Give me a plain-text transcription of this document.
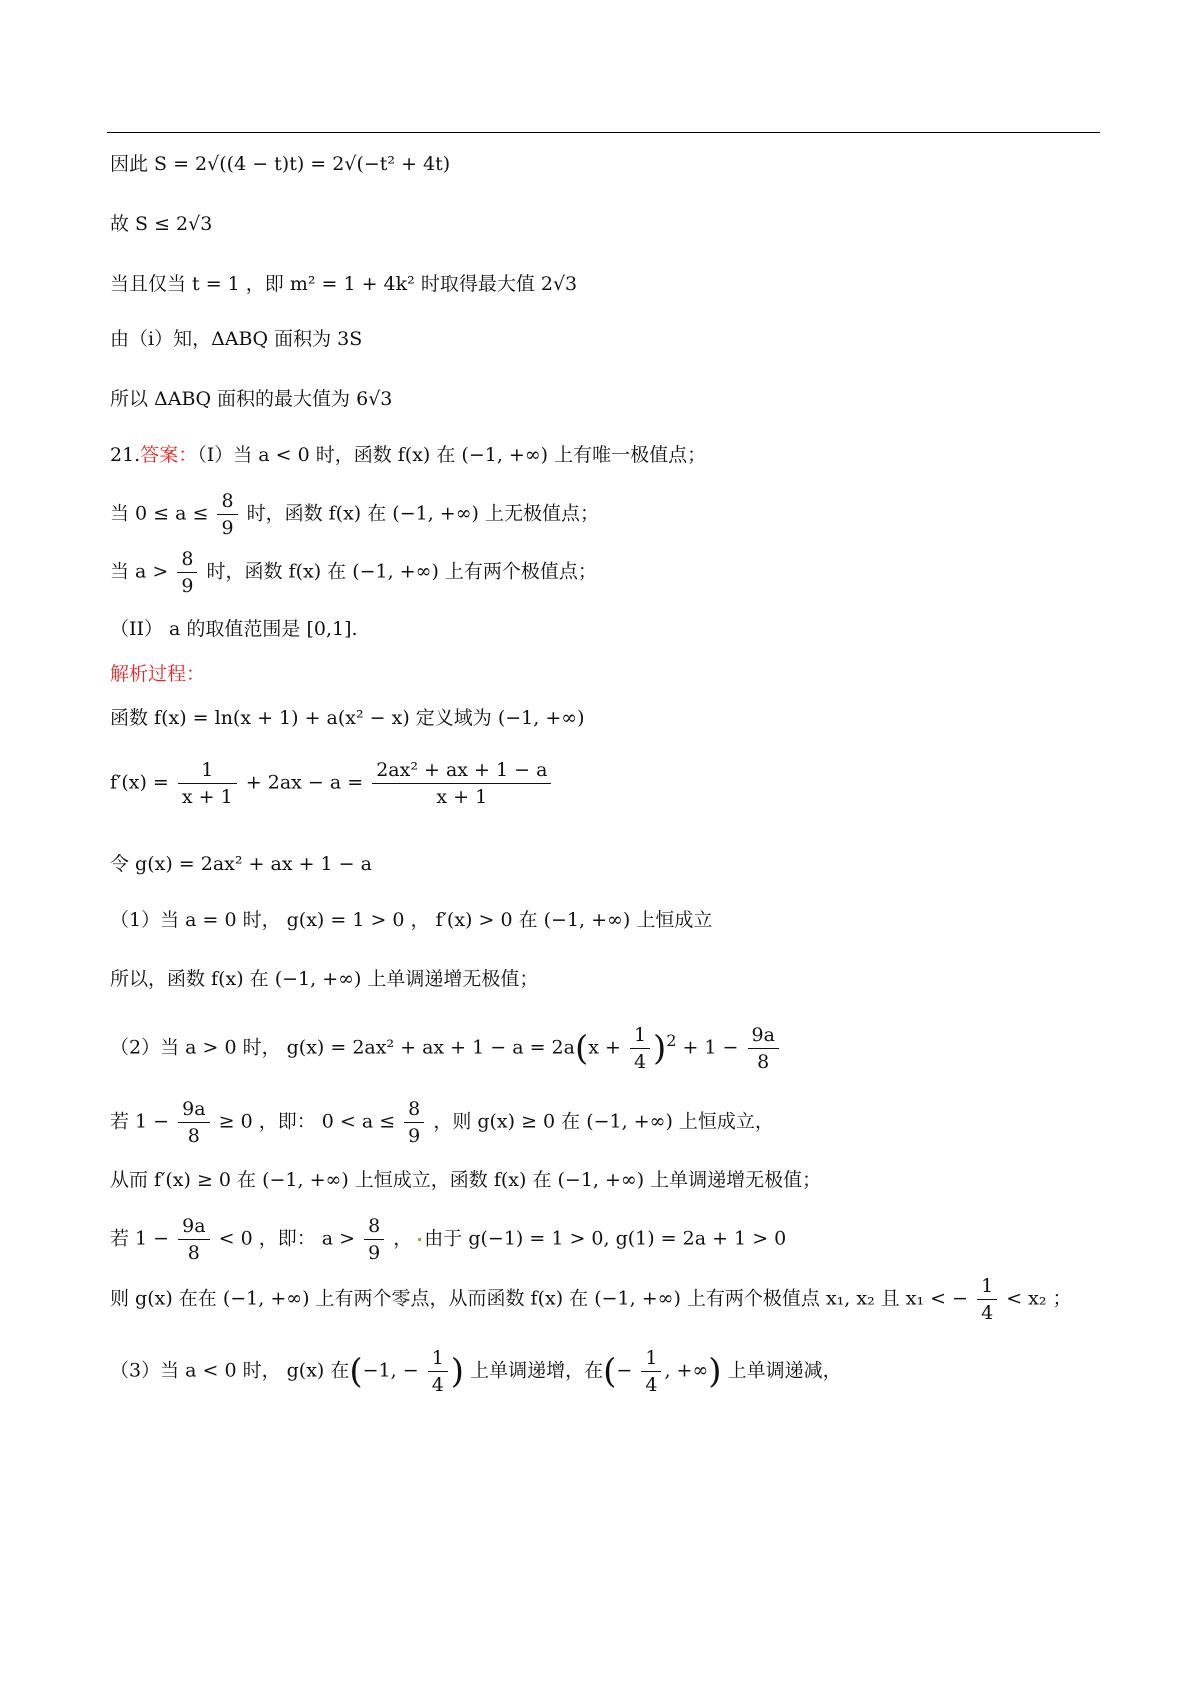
因此 S = 2√((4 − t)t) = 2√(−t² + 4t)
故 S ≤ 2√3
当且仅当 t = 1 ，即 m² = 1 + 4k² 时取得最大值 2√3
由（i）知，ΔABQ 面积为 3S
所以 ΔABQ 面积的最大值为 6√3
21.答案：（I）当 a < 0 时，函数 f(x) 在 (−1, +∞) 上有唯一极值点；
当 $0 \le a \le \frac{8}{9}$ 时，函数 f(x) 在 (−1, +∞) 上无极值点；
当 $a > \frac{8}{9}$ 时，函数 f(x) 在 (−1, +∞) 上有两个极值点；
（II） a 的取值范围是 [0,1].
解析过程：
函数 f(x) = ln(x + 1) + a(x² − x) 定义域为 (−1, +∞)
$f'(x) = \frac{1}{x + 1} + 2ax - a = \frac{\text{2ax² + ax + 1 − a}}{x + 1}$
令 g(x) = 2ax² + ax + 1 − a
（1）当 a = 0 时， g(x) = 1 > 0 ， f′(x) > 0 在 (−1, +∞) 上恒成立
所以，函数 f(x) 在 (−1, +∞) 上单调递增无极值；
（2）当 a > 0 时， g(x) = 2ax² + ax + $1 - a = 2a(x + \frac{1}{4} )^2 + 1 - \frac{9a}{8}$
若 $1 - \frac{9a}{8} \ge 0$ ，即： $0 < a \le \frac{8}{9}$ ，则 g(x) ≥ 0 在 (−1, +∞) 上恒成立，
从而 f′(x) ≥ 0 在 (−1, +∞) 上恒成立，函数 f(x) 在 (−1, +∞) 上单调递增无极值；
若 $1 - \frac{9a}{8} < 0$ ，即： $a > \frac{8}{9}$ ， 由于 g(−1) = 1 > 0, g(1) = 2a + 1 > 0
则 g(x) 在在 (−1, +∞) 上有两个零点，从而函数 f(x) 在 (−1, +∞) 上有两个极值点 x₁, x₂ 且 x₁ < − $\frac{1}{4} < x_2$ ；
（3）当 a < 0 时， g(x) 在(−1, − $\frac{1}{4}$ ) 上单调递增，在(− $\frac{1}{4}$ , +∞) 上单调递减，
